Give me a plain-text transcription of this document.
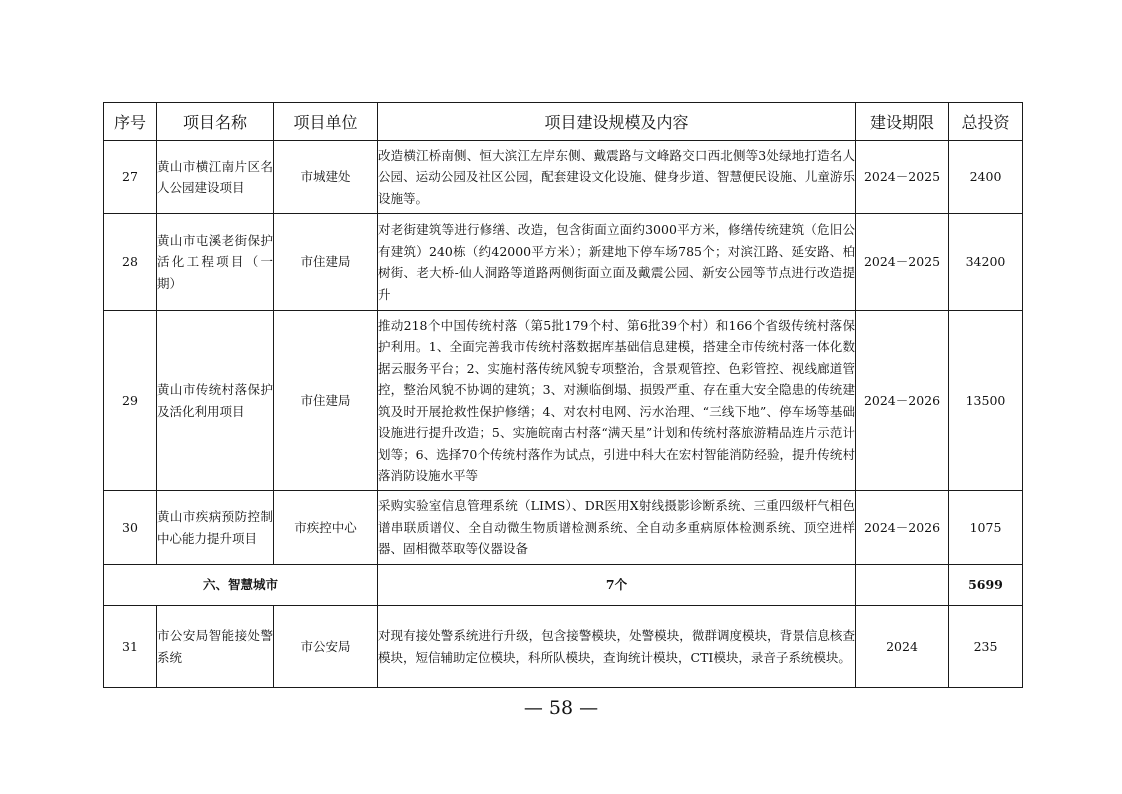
序号	项目名称	项目单位	项目建设规模及内容	建设期限	总投资
27	黄山市横江南片区名人公园建设项目	市城建处	改造横江桥南侧、恒大滨江左岸东侧、戴震路与文峰路交口西北侧等3处绿地打造名人公园、运动公园及社区公园，配套建设文化设施、健身步道、智慧便民设施、儿童游乐设施等。	2024－2025	2400
28	黄山市屯溪老街保护活化工程项目（一期）	市住建局	对老街建筑等进行修缮、改造，包含街面立面约3000平方米，修缮传统建筑（危旧公有建筑）240栋（约42000平方米）；新建地下停车场785个；对滨江路、延安路、柏树街、老大桥-仙人洞路等道路两侧街面立面及戴震公园、新安公园等节点进行改造提升	2024－2025	34200
29	黄山市传统村落保护及活化利用项目	市住建局	推动218个中国传统村落（第5批179个村、第6批39个村）和166个省级传统村落保护利用。1、全面完善我市传统村落数据库基础信息建模，搭建全市传统村落一体化数据云服务平台；2、实施村落传统风貌专项整治，含景观管控、色彩管控、视线廊道管控，整治风貌不协调的建筑；3、对濒临倒塌、损毁严重、存在重大安全隐患的传统建筑及时开展抢救性保护修缮；4、对农村电网、污水治理、“三线下地”、停车场等基础设施进行提升改造；5、实施皖南古村落“满天星”计划和传统村落旅游精品连片示范计划等；6、选择70个传统村落作为试点，引进中科大在宏村智能消防经验，提升传统村落消防设施水平等	2024－2026	13500
30	黄山市疾病预防控制中心能力提升项目	市疾控中心	采购实验室信息管理系统（LIMS）、DR医用X射线摄影诊断系统、三重四级杆气相色谱串联质谱仪、全自动微生物质谱检测系统、全自动多重病原体检测系统、顶空进样器、固相微萃取等仪器设备	2024－2026	1075
六、智慧城市			7个		5699
31	市公安局智能接处警系统	市公安局	对现有接处警系统进行升级，包含接警模块，处警模块，微群调度模块，背景信息核查模块，短信辅助定位模块，科所队模块，查询统计模块，CTI模块，录音子系统模块。	2024	235
— 58 —
